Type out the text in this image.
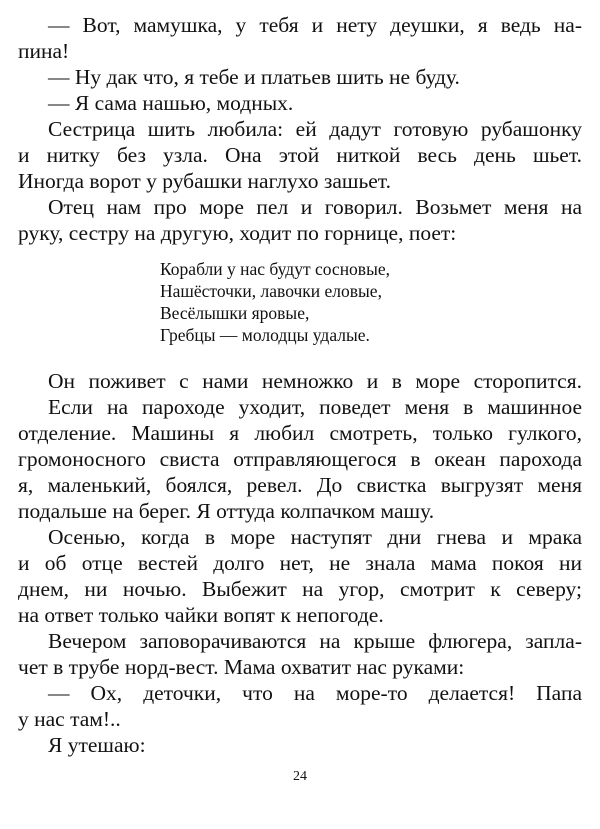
— Вот, мамушка, у тебя и нету деушки, я ведь на-
пина!
— Ну дак что, я тебе и платьев шить не буду.
— Я сама нашью, модных.
Сестрица шить любила: ей дадут готовую рубашонку
и нитку без узла. Она этой ниткой весь день шьет.
Иногда ворот у рубашки наглухо зашьет.
Отец нам про море пел и говорил. Возьмет меня на
руку, сестру на другую, ходит по горнице, поет:
Корабли у нас будут сосновые,
Нашёсточки, лавочки еловые,
Весёлышки яровые,
Гребцы — молодцы удалые.
Он поживет с нами немножко и в море сторопится.
Если на пароходе уходит, поведет меня в машинное
отделение. Машины я любил смотреть, только гулкого,
громоносного свиста отправляющегося в океан парохода
я, маленький, боялся, ревел. До свистка выгрузят меня
подальше на берег. Я оттуда колпачком машу.
Осенью, когда в море наступят дни гнева и мрака
и об отце вестей долго нет, не знала мама покоя ни
днем, ни ночью. Выбежит на угор, смотрит к северу;
на ответ только чайки вопят к непогоде.
Вечером заповорачиваются на крыше флюгера, запла-
чет в трубе норд-вест. Мама охватит нас руками:
— Ох, деточки, что на море-то делается! Папа
у нас там!..
Я утешаю:
24
